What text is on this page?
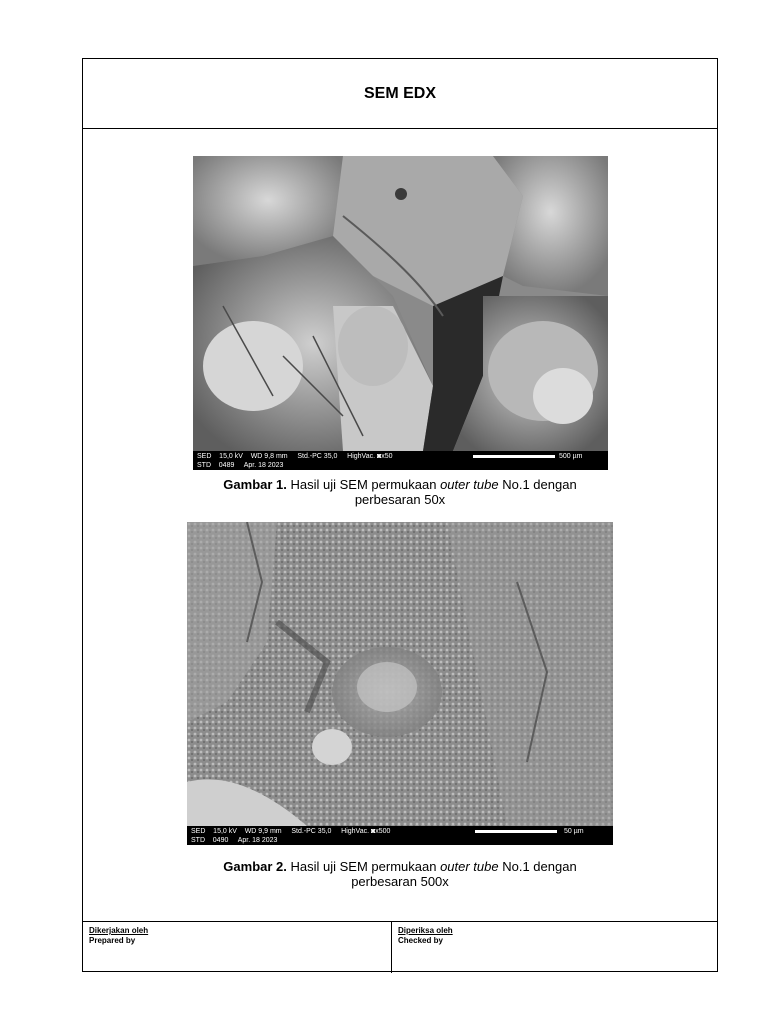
SEM EDX
SED    15,0 kV    WD 9,8 mm     Std.-PC 35,0     HighVac. ◙x50
STD    0489     Apr. 18 2023
500 µm
Gambar 1. Hasil uji SEM permukaan outer tube No.1 dengan
perbesaran 50x
SED    15,0 kV    WD 9,9 mm     Std.-PC 35,0     HighVac. ◙x500
STD    0490     Apr. 18 2023
50 µm
Gambar 2. Hasil uji SEM permukaan outer tube No.1 dengan
perbesaran 500x
Dikerjakan oleh
Prepared by
Diperiksa oleh
Checked by
